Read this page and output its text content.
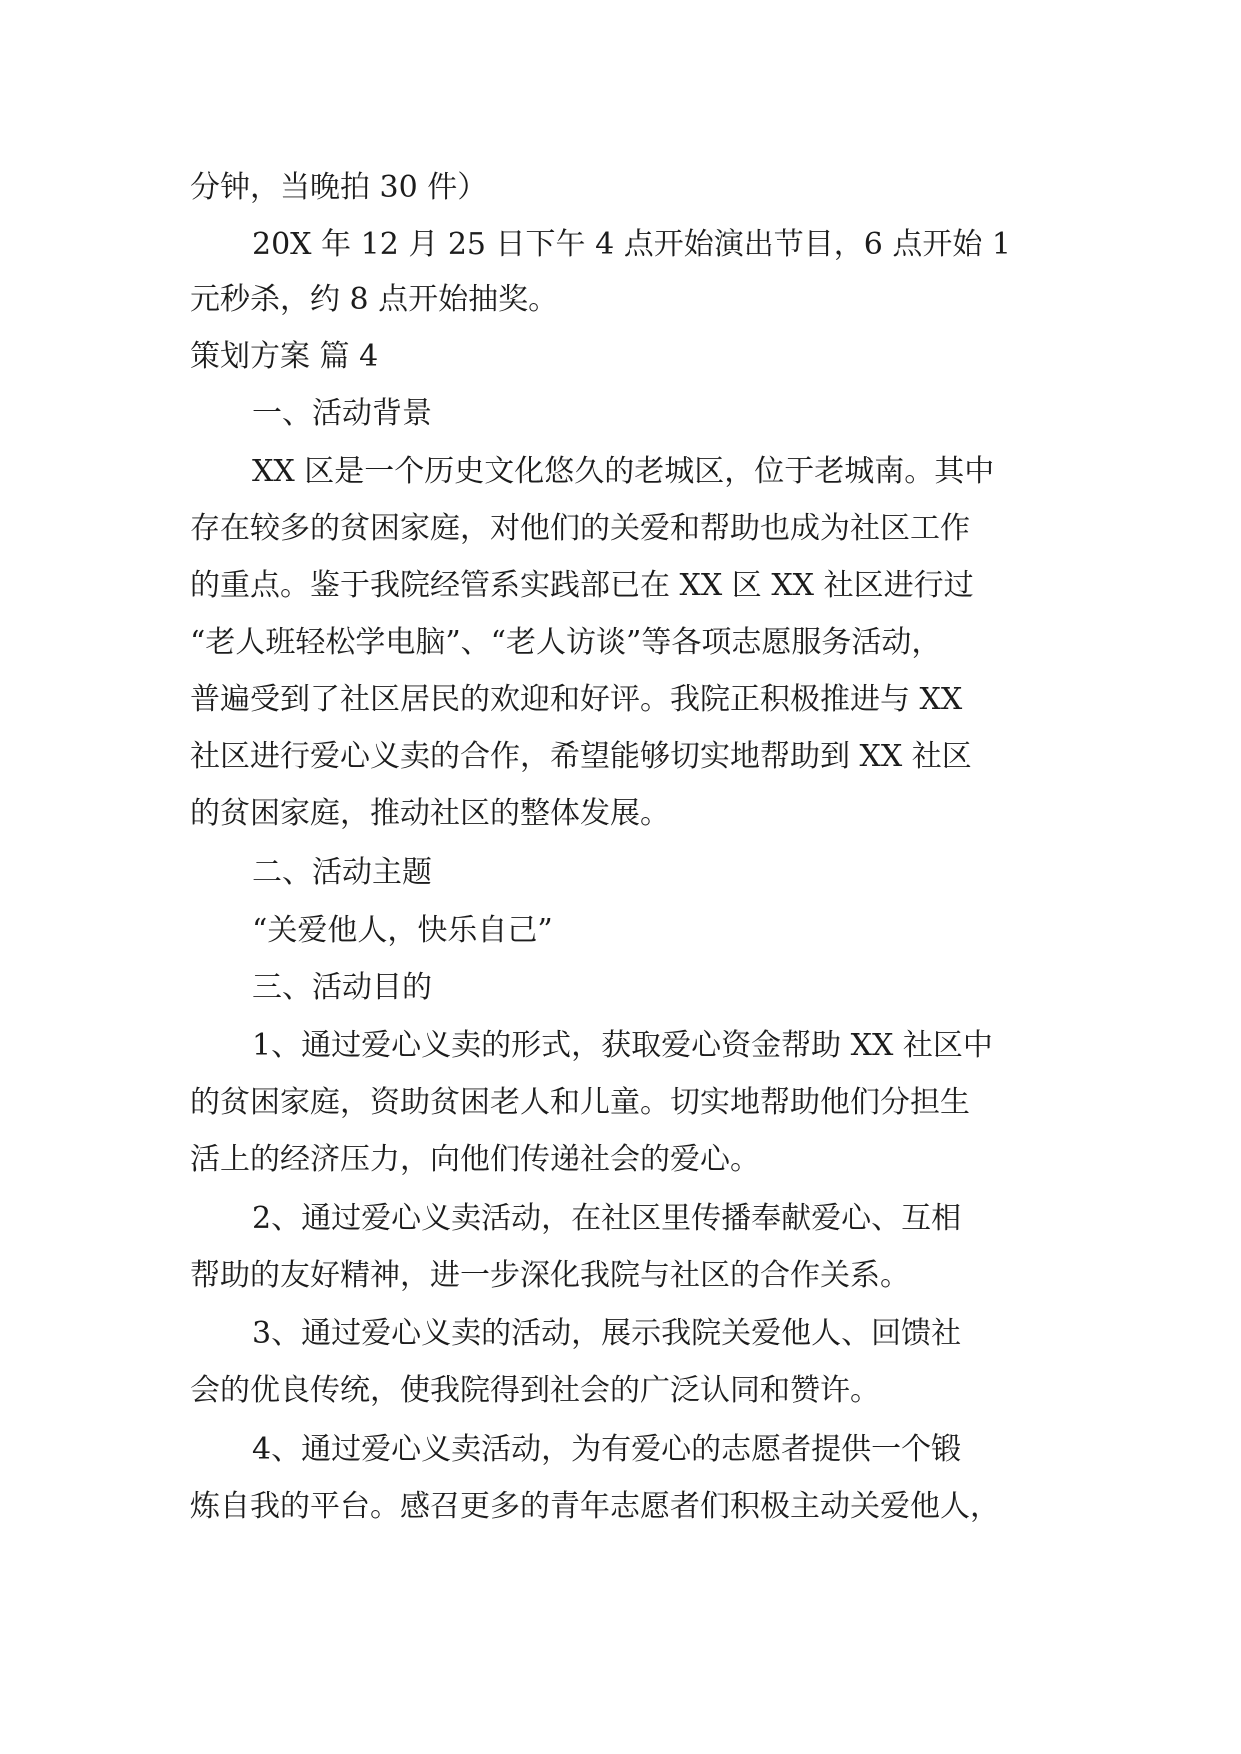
分钟，当晚拍 30 件）
20X 年 12 月 25 日下午 4 点开始演出节目，6 点开始 1
元秒杀，约 8 点开始抽奖。
策划方案 篇 4
一、活动背景
XX 区是一个历史文化悠久的老城区，位于老城南。其中
存在较多的贫困家庭，对他们的关爱和帮助也成为社区工作
的重点。鉴于我院经管系实践部已在 XX 区 XX 社区进行过
“老人班轻松学电脑”、“老人访谈”等各项志愿服务活动，
普遍受到了社区居民的欢迎和好评。我院正积极推进与 XX
社区进行爱心义卖的合作，希望能够切实地帮助到 XX 社区
的贫困家庭，推动社区的整体发展。
二、活动主题
“关爱他人，快乐自己”
三、活动目的
1、通过爱心义卖的形式，获取爱心资金帮助 XX 社区中
的贫困家庭，资助贫困老人和儿童。切实地帮助他们分担生
活上的经济压力，向他们传递社会的爱心。
2、通过爱心义卖活动，在社区里传播奉献爱心、互相
帮助的友好精神，进一步深化我院与社区的合作关系。
3、通过爱心义卖的活动，展示我院关爱他人、回馈社
会的优良传统，使我院得到社会的广泛认同和赞许。
4、通过爱心义卖活动，为有爱心的志愿者提供一个锻
炼自我的平台。感召更多的青年志愿者们积极主动关爱他人，
